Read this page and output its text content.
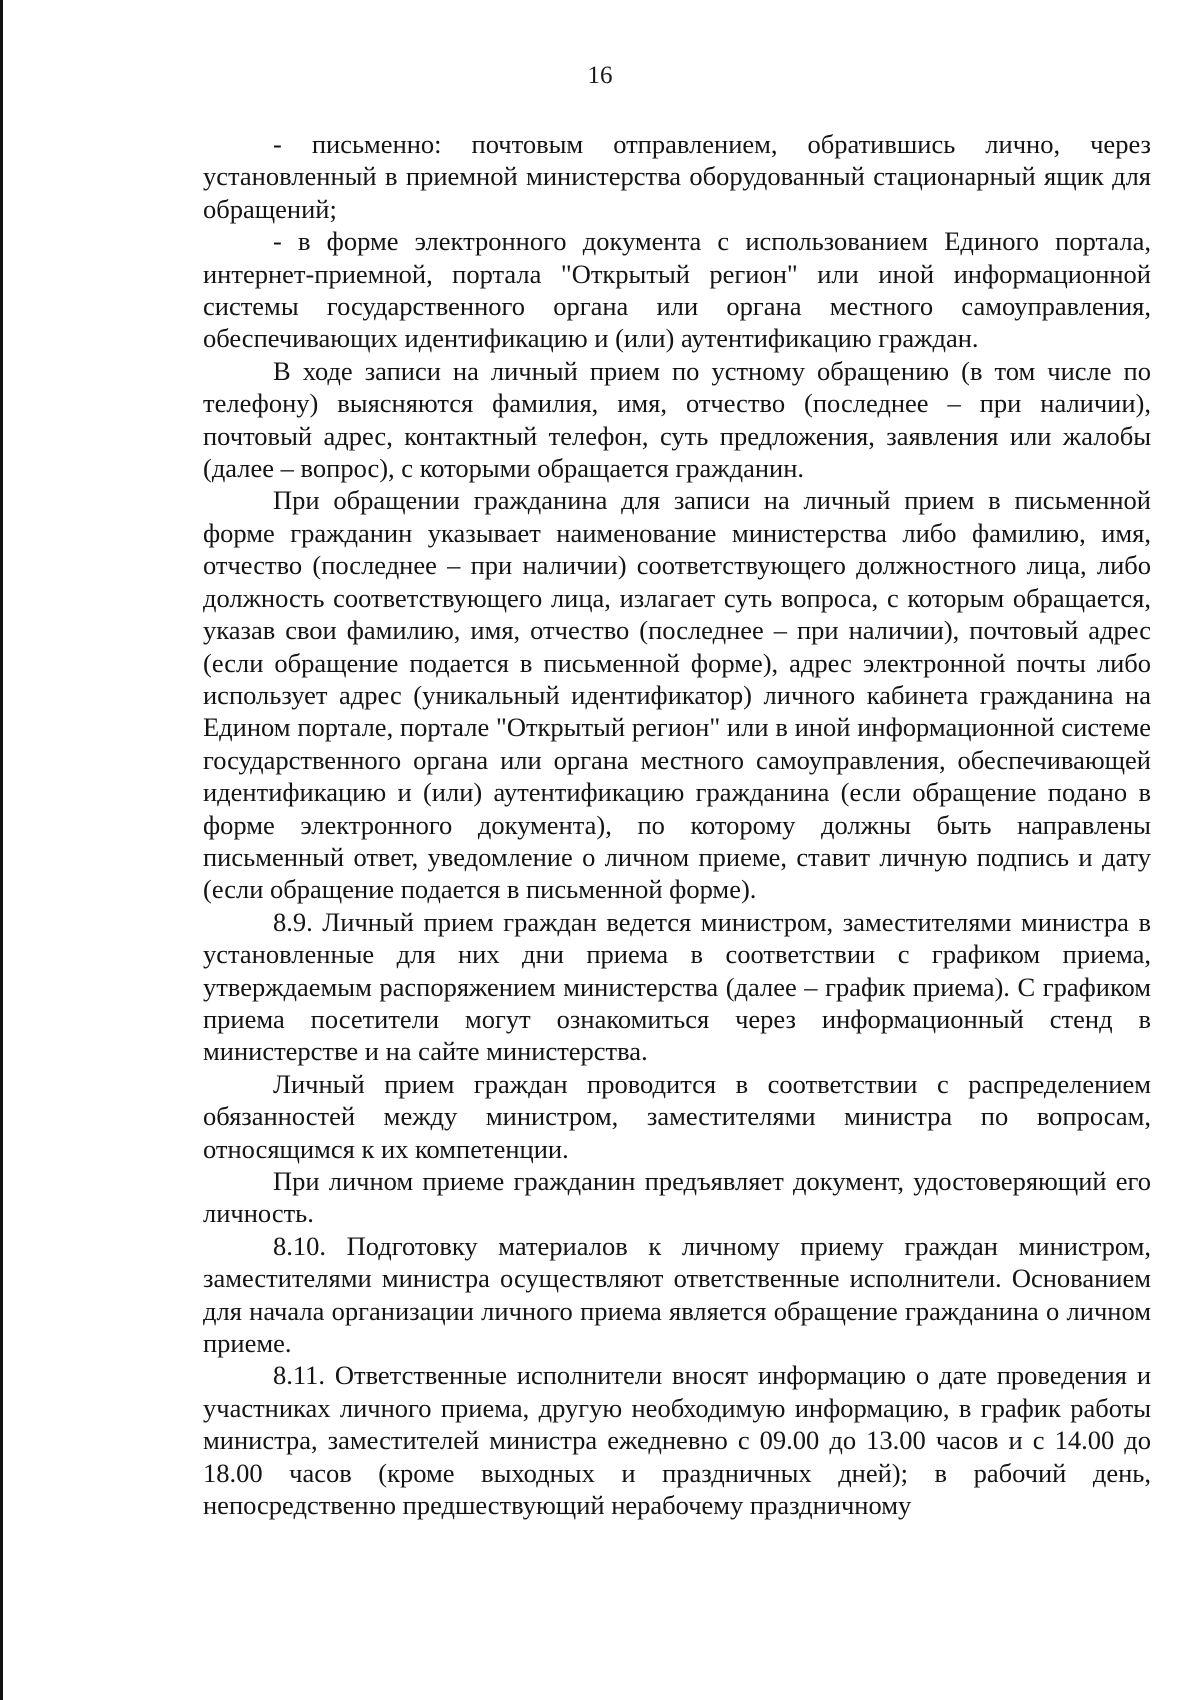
16

- письменно: почтовым отправлением, обратившись лично, через установленный в приемной министерства оборудованный стационарный ящик для обращений;

- в форме электронного документа с использованием Единого портала, интернет-приемной, портала "Открытый регион" или иной информационной системы государственного органа или органа местного самоуправления, обеспечивающих идентификацию и (или) аутентификацию граждан.

В ходе записи на личный прием по устному обращению (в том числе по телефону) выясняются фамилия, имя, отчество (последнее – при наличии), почтовый адрес, контактный телефон, суть предложения, заявления или жалобы (далее – вопрос), с которыми обращается гражданин.

При обращении гражданина для записи на личный прием в письменной форме гражданин указывает наименование министерства либо фамилию, имя, отчество (последнее – при наличии) соответствующего должностного лица, либо должность соответствующего лица, излагает суть вопроса, с которым обращается, указав свои фамилию, имя, отчество (последнее – при наличии), почтовый адрес (если обращение подается в письменной форме), адрес электронной почты либо использует адрес (уникальный идентификатор) личного кабинета гражданина на Едином портале, портале "Открытый регион" или в иной информационной системе государственного органа или органа местного самоуправления, обеспечивающей идентификацию и (или) аутентификацию гражданина (если обращение подано в форме электронного документа), по которому должны быть направлены письменный ответ, уведомление о личном приеме, ставит личную подпись и дату (если обращение подается в письменной форме).

8.9. Личный прием граждан ведется министром, заместителями министра в установленные для них дни приема в соответствии с графиком приема, утверждаемым распоряжением министерства (далее – график приема). С графиком приема посетители могут ознакомиться через информационный стенд в министерстве и на сайте министерства.

Личный прием граждан проводится в соответствии с распределением обязанностей между министром, заместителями министра по вопросам, относящимся к их компетенции.

При личном приеме гражданин предъявляет документ, удостоверяющий его личность.

8.10. Подготовку материалов к личному приему граждан министром, заместителями министра осуществляют ответственные исполнители. Основанием для начала организации личного приема является обращение гражданина о личном приеме.

8.11. Ответственные исполнители вносят информацию о дате проведения и участниках личного приема, другую необходимую информацию, в график работы министра, заместителей министра ежедневно с 09.00 до 13.00 часов и с 14.00 до 18.00 часов (кроме выходных и праздничных дней); в рабочий день, непосредственно предшествующий нерабочему праздничному
